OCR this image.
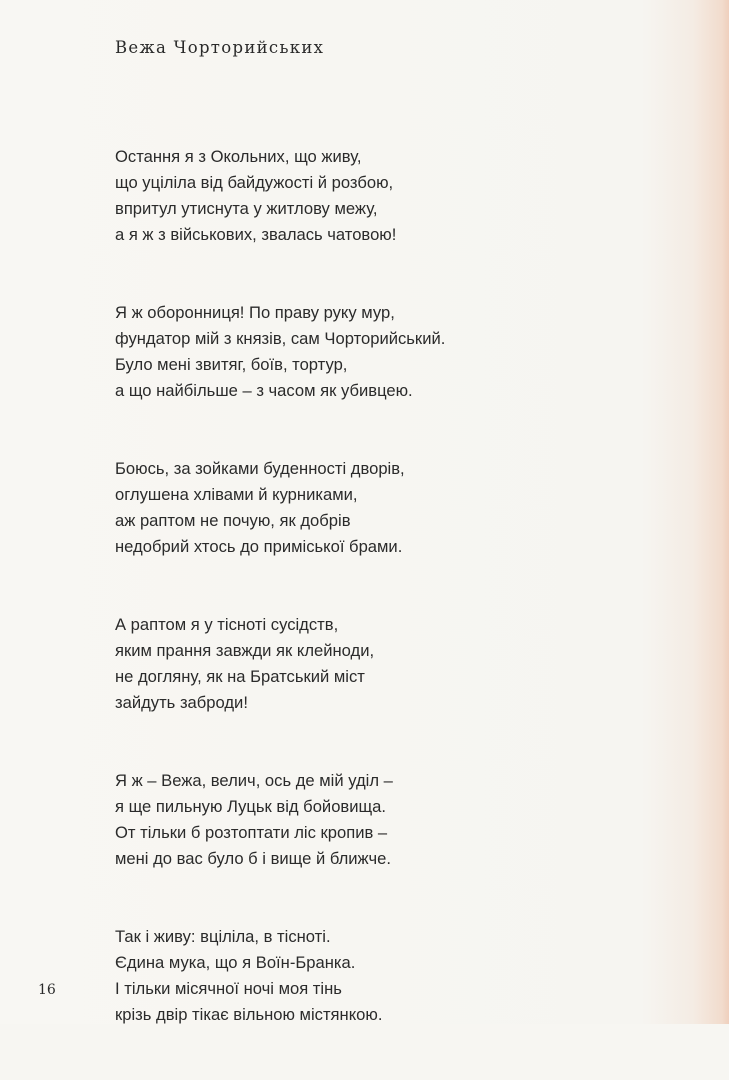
Вежа Чорторийських
Остання я з Окольних, що живу,
що уціліла від байдужості й розбою,
впритул утиснута у житлову межу,
а я ж з військових, звалась чатовою!
Я ж оборонниця! По праву руку мур,
фундатор мій з князів, сам Чорторийський.
Було мені звитяг, боїв, тортур,
а що найбільше – з часом як убивцею.
Боюсь, за зойками буденності дворів,
оглушена хлівами й курниками,
аж раптом не почую, як добрів
недобрий хтось до приміської брами.
А раптом я у тісноті сусідств,
яким прання завжди як клейноди,
не догляну, як на Братський міст
зайдуть заброди!
Я ж – Вежа, велич, ось де мій уділ –
я ще пильную Луцьк від бойовища.
От тільки б розтоптати ліс кропив –
мені до вас було б і вище й ближче.
Так і живу: вціліла, в тісноті.
Єдина мука, що я Воїн-Бранка.
І тільки місячної ночі моя тінь
крізь двір тікає вільною містянкою.
16
